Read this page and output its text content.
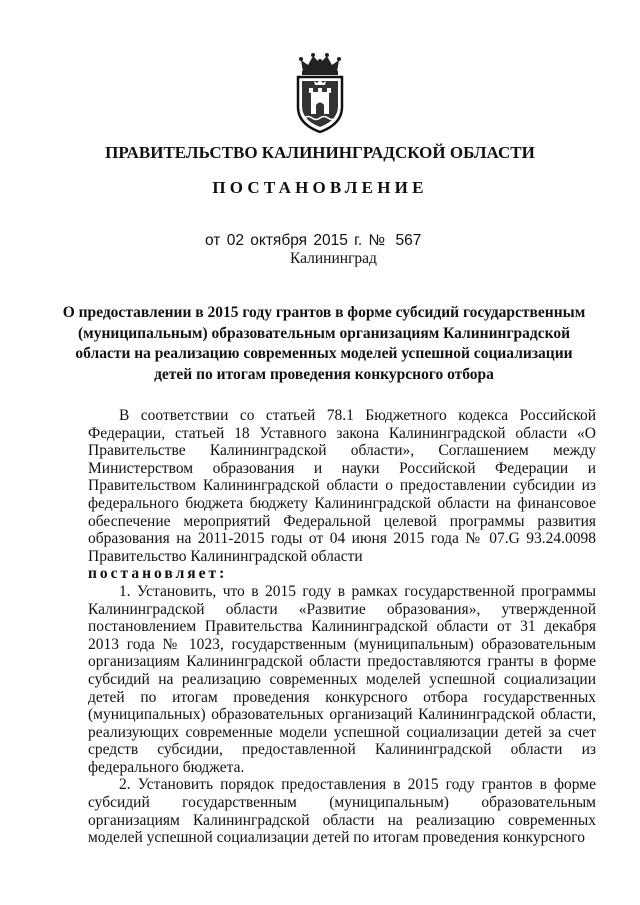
ПРАВИТЕЛЬСТВО КАЛИНИНГРАДСКОЙ ОБЛАСТИ
ПОСТАНОВЛЕНИЕ
от 02 октября 2015 г. № 567
Калининград
О предоставлении в 2015 году грантов в форме субсидий государственным (муниципальным) образовательным организациям Калининградской области на реализацию современных моделей успешной социализации детей по итогам проведения конкурсного отбора

В соответствии со статьей 78.1 Бюджетного кодекса Российской Федерации, статьей 18 Уставного закона Калининградской области «О Правительстве Калининградской области», Соглашением между Министерством образования и науки Российской Федерации и Правительством Калининградской области о предоставлении субсидии из федерального бюджета бюджету Калининградской области на финансовое обеспечение мероприятий Федеральной целевой программы развития образования на 2011-2015 годы от 04 июня 2015 года № 07.G 93.24.0098 Правительство Калининградской области

постановляет:

1. Установить, что в 2015 году в рамках государственной программы Калининградской области «Развитие образования», утвержденной постановлением Правительства Калининградской области от 31 декабря 2013 года № 1023, государственным (муниципальным) образовательным организациям Калининградской области предоставляются гранты в форме субсидий на реализацию современных моделей успешной социализации детей по итогам проведения конкурсного отбора государственных (муниципальных) образовательных организаций Калининградской области, реализующих современные модели успешной социализации детей за счет средств субсидии, предоставленной Калининградской области из федерального бюджета.

2. Установить порядок предоставления в 2015 году грантов в форме субсидий государственным (муниципальным) образовательным организациям Калининградской области на реализацию современных моделей успешной социализации детей по итогам проведения конкурсного
